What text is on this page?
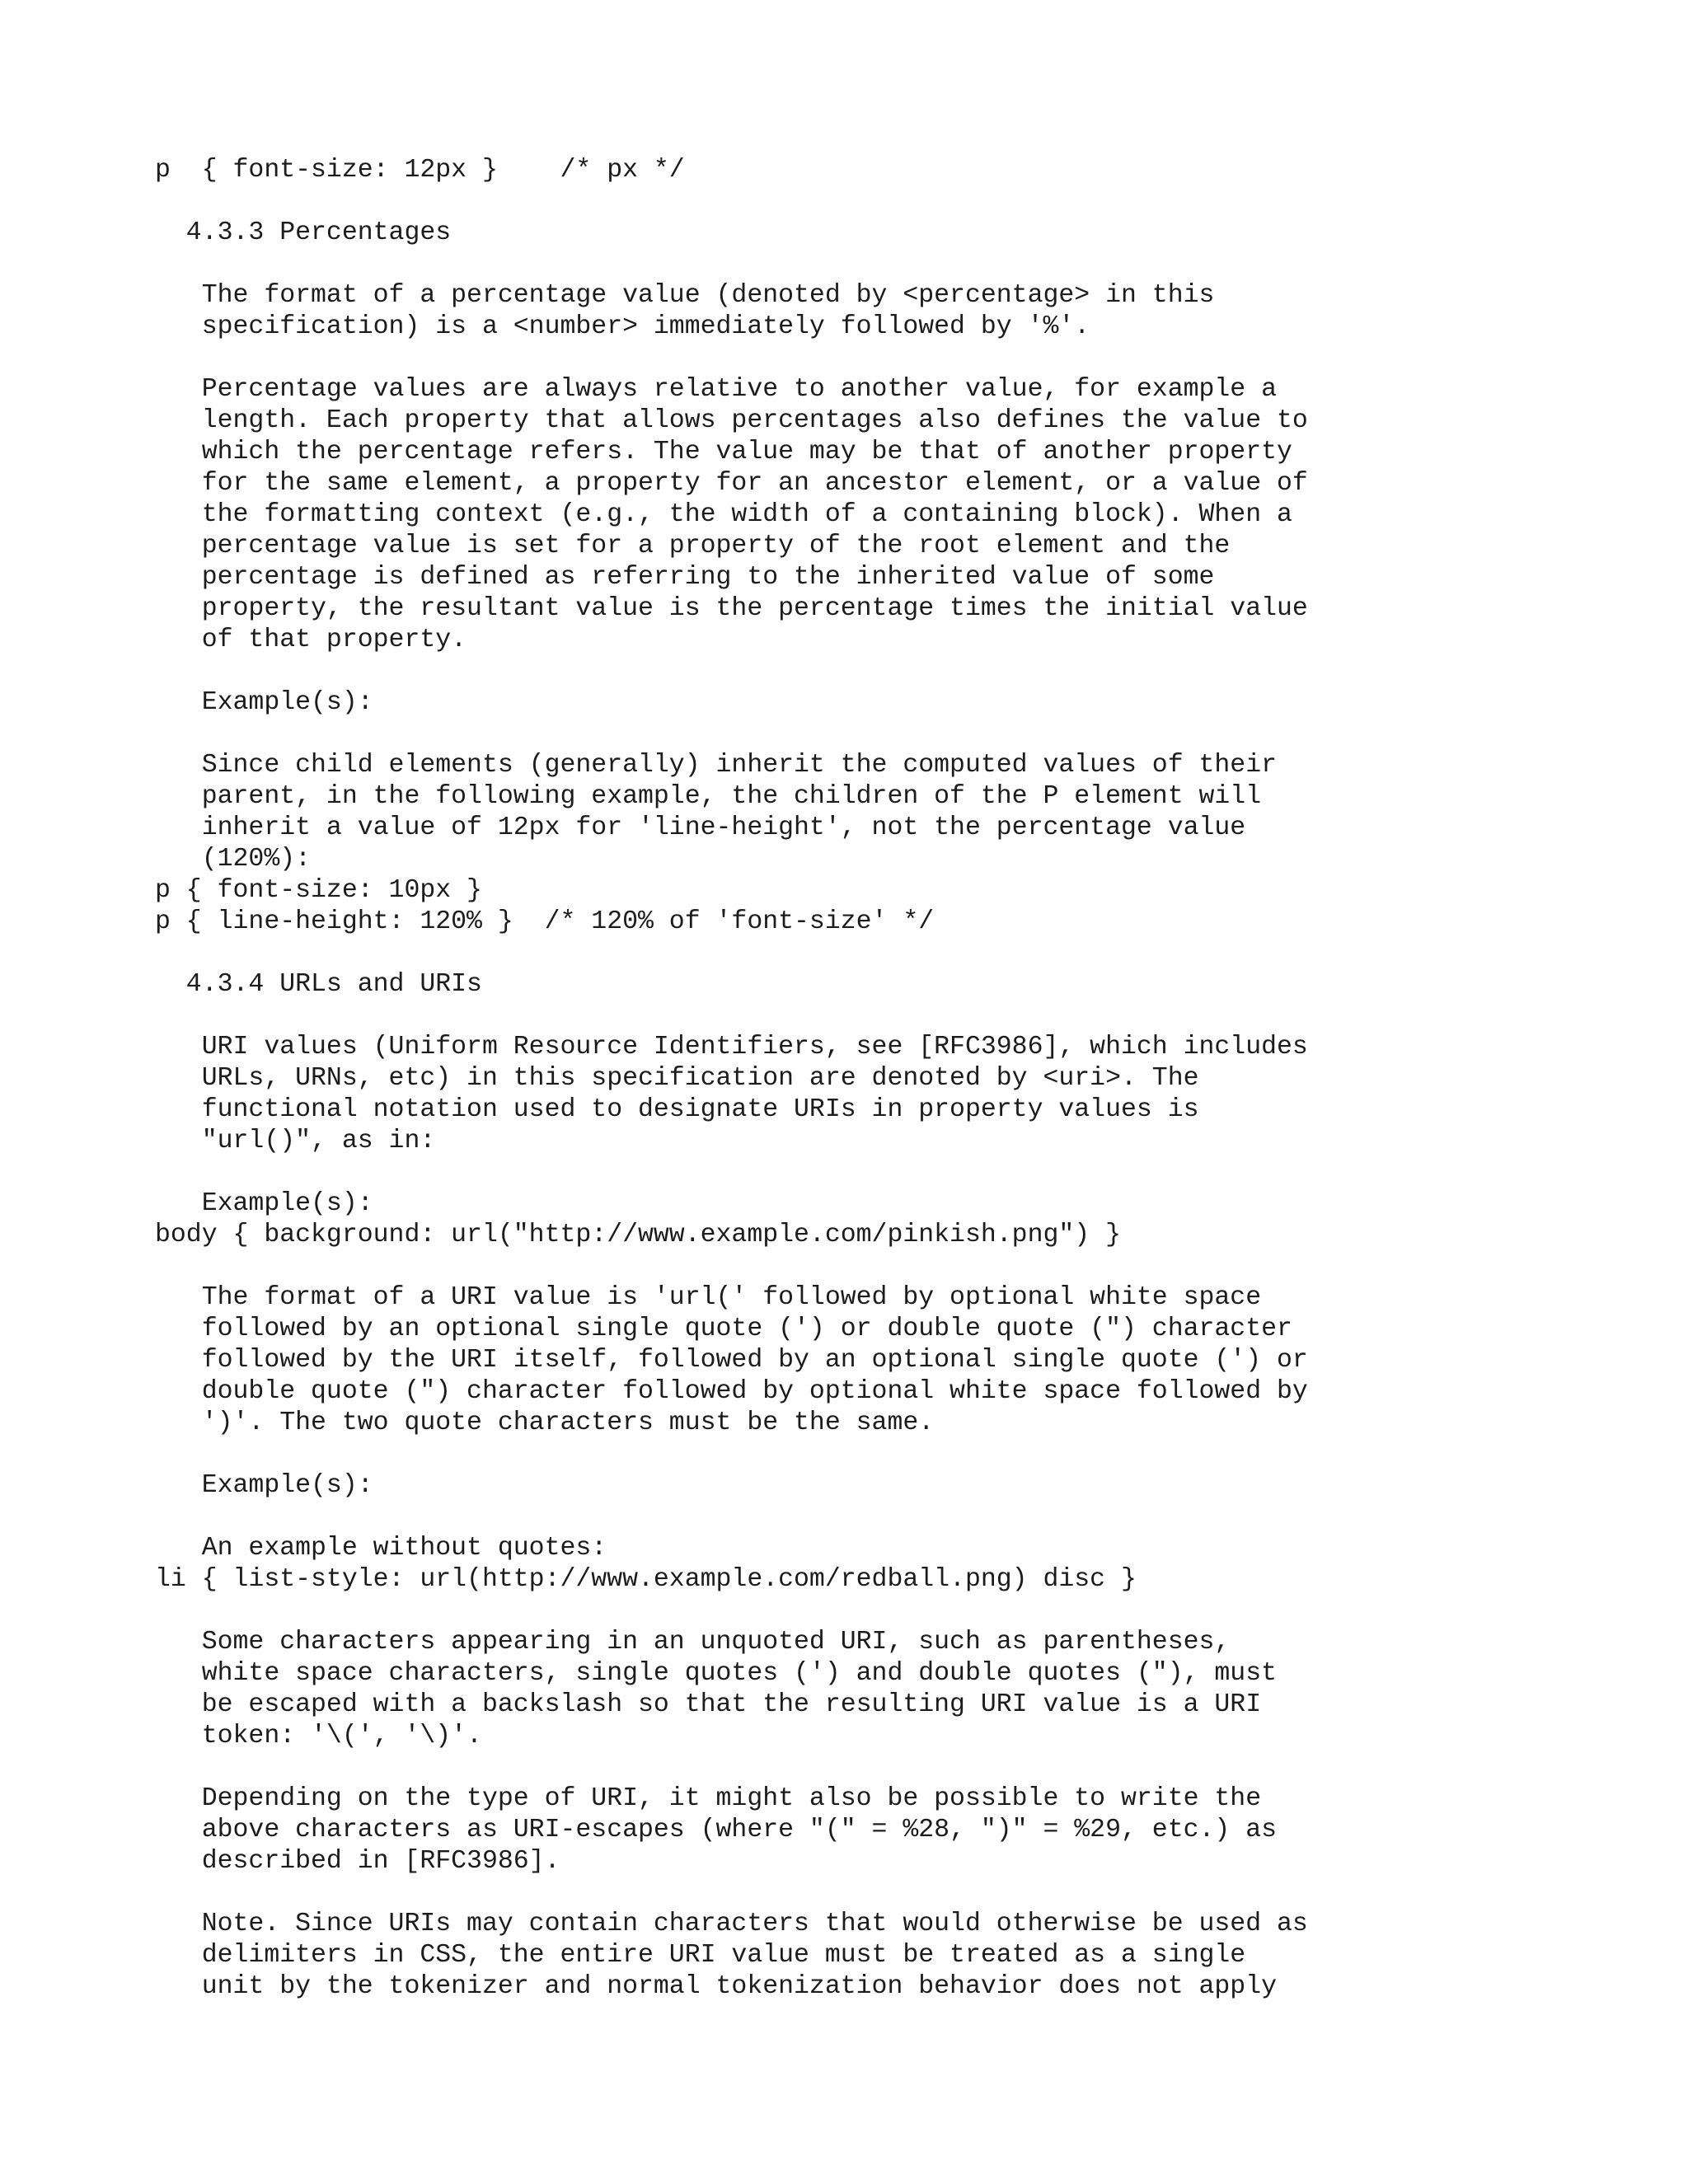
p  { font-size: 12px }    /* px */

4.3.3 Percentages

The format of a percentage value (denoted by <percentage> in this

specification) is a <number> immediately followed by '%'.

Percentage values are always relative to another value, for example a

length. Each property that allows percentages also defines the value to

which the percentage refers. The value may be that of another property

for the same element, a property for an ancestor element, or a value of

the formatting context (e.g., the width of a containing block). When a

percentage value is set for a property of the root element and the

percentage is defined as referring to the inherited value of some

property, the resultant value is the percentage times the initial value

of that property.

Example(s):

Since child elements (generally) inherit the computed values of their

parent, in the following example, the children of the P element will

inherit a value of 12px for 'line-height', not the percentage value

(120%):

p { font-size: 10px }

p { line-height: 120% }  /* 120% of 'font-size' */

4.3.4 URLs and URIs

URI values (Uniform Resource Identifiers, see [RFC3986], which includes

URLs, URNs, etc) in this specification are denoted by <uri>. The

functional notation used to designate URIs in property values is

"url()", as in:

Example(s):

body { background: url("http://www.example.com/pinkish.png") }

The format of a URI value is 'url(' followed by optional white space

followed by an optional single quote (') or double quote (") character

followed by the URI itself, followed by an optional single quote (') or

double quote (") character followed by optional white space followed by

')'. The two quote characters must be the same.

Example(s):

An example without quotes:

li { list-style: url(http://www.example.com/redball.png) disc }

Some characters appearing in an unquoted URI, such as parentheses,

white space characters, single quotes (') and double quotes ("), must

be escaped with a backslash so that the resulting URI value is a URI

token: '\(', '\)'.

Depending on the type of URI, it might also be possible to write the

above characters as URI-escapes (where "(" = %28, ")" = %29, etc.) as

described in [RFC3986].

Note. Since URIs may contain characters that would otherwise be used as

delimiters in CSS, the entire URI value must be treated as a single

unit by the tokenizer and normal tokenization behavior does not apply
